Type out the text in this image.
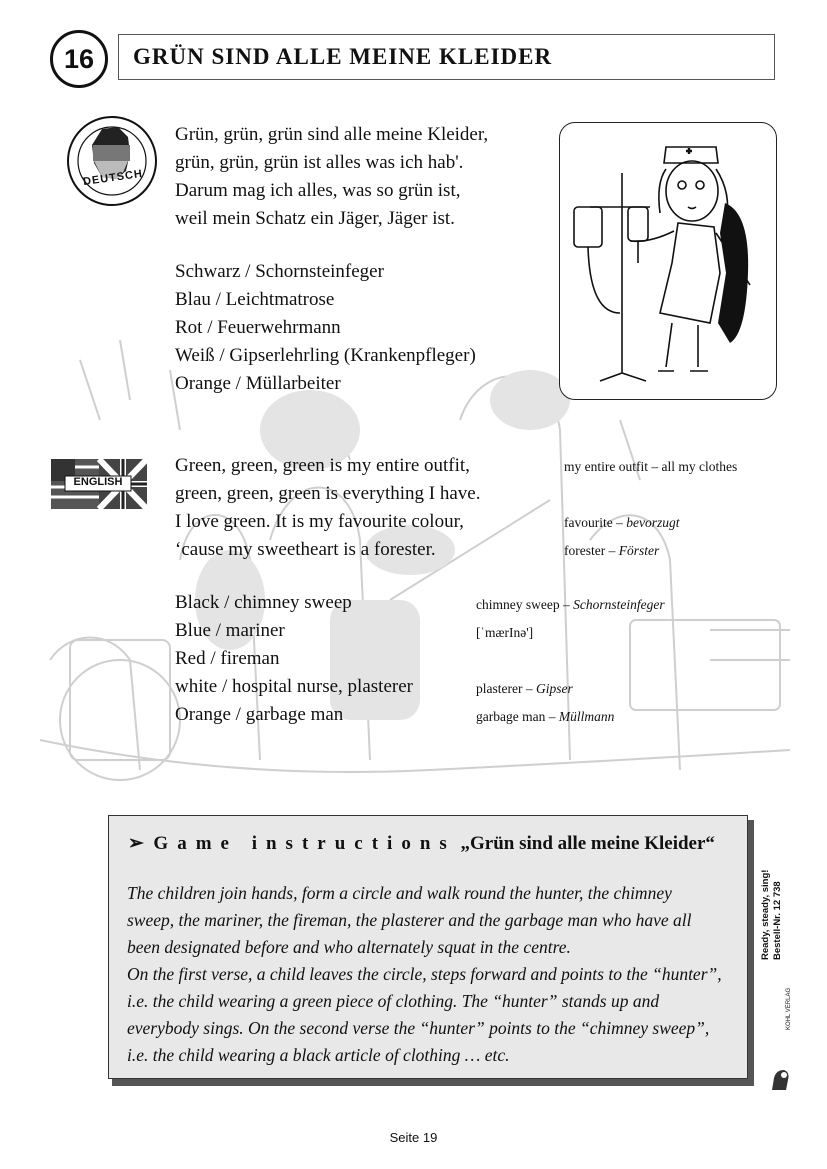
16 GRÜN SIND ALLE MEINE KLEIDER
DEUTSCH
Grün, grün, grün sind alle meine Kleider,
grün, grün, grün ist alles was ich hab'.
Darum mag ich alles, was so grün ist,
weil mein Schatz ein Jäger, Jäger ist.
Schwarz / Schornsteinfeger
Blau / Leichtmatrose
Rot / Feuerwehrmann
Weiß / Gipserlehrling (Krankenpfleger)
Orange / Müllarbeiter
ENGLISH
Green, green, green is my entire outfit,
green, green, green is everything I have.
I love green. It is my favourite colour,
‘cause my sweetheart is a forester.
my entire outfit – all my clothes
favourite – bevorzugt
forester – Förster
Black / chimney sweep
Blue / mariner
Red / fireman
white / hospital nurse, plasterer
Orange / garbage man
chimney sweep – Schornsteinfeger
[ˈmærInə']
plasterer – Gipser
garbage man – Müllmann
➢ Game instructions „Grün sind alle meine Kleider“
The children join hands, form a circle and walk round the hunter, the chimney
sweep, the mariner, the fireman, the plasterer and the garbage man who have all
been designated before and who alternately squat in the centre.
On the first verse, a child leaves the circle, steps forward and points to the “hunter”,
i.e. the child wearing a green piece of clothing. The “hunter” stands up and
everybody sings. On the second verse the “hunter” points to the “chimney sweep”,
i.e. the child wearing a black article of clothing … etc.
Ready, steady, sing! Bestell-Nr. 12 738
KOHL VERLAG
Seite 19
